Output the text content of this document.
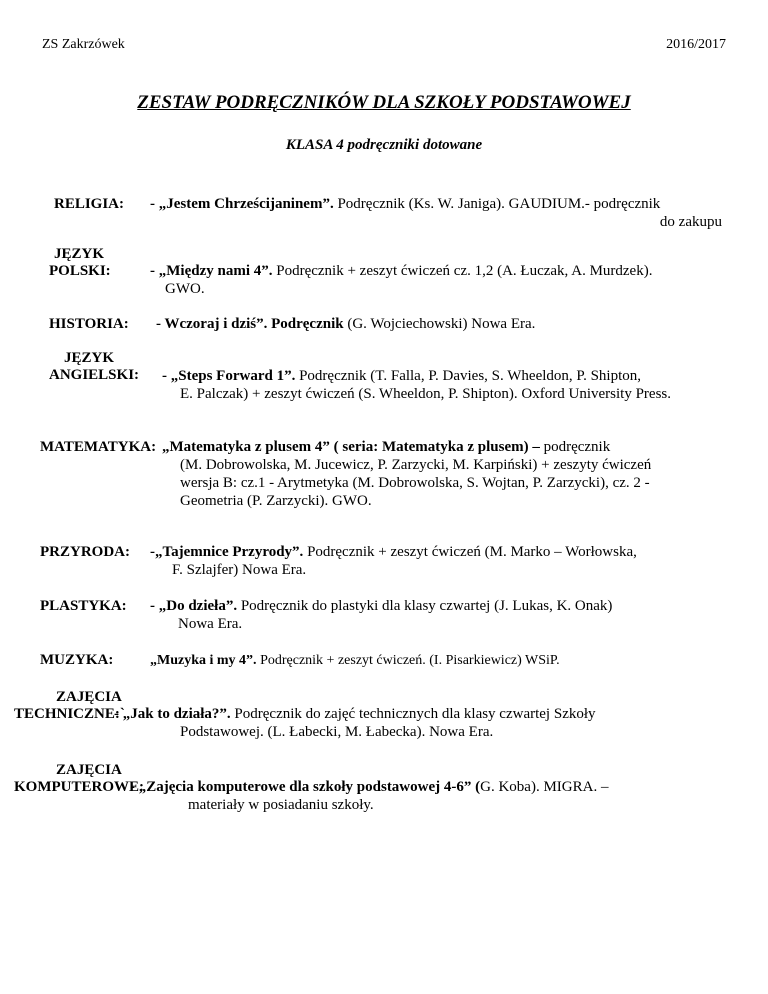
ZS Zakrzówek	2016/2017
ZESTAW PODRĘCZNIKÓW DLA SZKOŁY PODSTAWOWEJ
KLASA 4 podręczniki dotowane
RELIGIA: - „Jestem Chrześcijaninem”. Podręcznik (Ks. W. Janiga). GAUDIUM.- podręcznik
do zakupu
JĘZYK
POLSKI:	- „Między nami 4”. Podręcznik + zeszyt ćwiczeń cz. 1,2 (A. Łuczak, A. Murdzek).
GWO.
HISTORIA: - Wczoraj i dziś”. Podręcznik (G. Wojciechowski) Nowa Era.
JĘZYK
ANGIELSKI: - „Steps Forward 1”. Podręcznik (T. Falla, P. Davies, S. Wheeldon, P. Shipton,
E. Palczak) + zeszyt ćwiczeń (S. Wheeldon, P. Shipton). Oxford University Press.
MATEMATYKA: „Matematyka z plusem 4” ( seria: Matematyka z plusem) – podręcznik
(M. Dobrowolska, M. Jucewicz, P. Zarzycki, M. Karpiński) + zeszyty ćwiczeń
wersja B: cz.1 - Arytmetyka (M. Dobrowolska, S. Wojtan, P. Zarzycki), cz. 2 -
Geometria (P. Zarzycki). GWO.
PRZYRODA: -„Tajemnice Przyrody”. Podręcznik + zeszyt ćwiczeń (M. Marko – Worłowska,
F. Szlajfer) Nowa Era.
PLASTYKA: - „Do dzieła”. Podręcznik do plastyki dla klasy czwartej (J. Lukas, K. Onak)
Nowa Era.
MUZYKA:	„Muzyka i my 4”. Podręcznik + zeszyt ćwiczeń. (I. Pisarkiewicz) WSiP.
ZAJĘCIA
TECHNICZNE:`
- „Jak to działa?”. Podręcznik do zajęć technicznych dla klasy czwartej Szkoły
Podstawowej. (L. Łabecki, M. Łabecka). Nowa Era.
ZAJĘCIA
KOMPUTEROWE:
- „Zajęcia komputerowe dla szkoły podstawowej 4-6” (G. Koba). MIGRA. –
materiały w posiadaniu szkoły.
